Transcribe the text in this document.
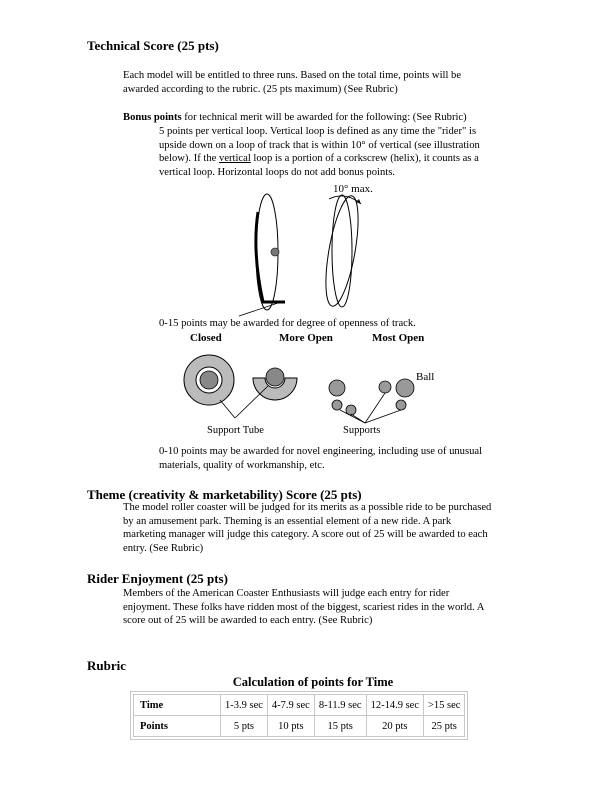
Technical Score (25 pts)
Each model will be entitled to three runs. Based on the total time, points will be
awarded according to the rubric. (25 pts maximum) (See Rubric)
Bonus points for technical merit will be awarded for the following: (See Rubric)
5 points per vertical loop. Vertical loop is defined as any time the "rider" is
upside down on a loop of track that is within 10° of vertical (see illustration
below). If the vertical loop is a portion of a corkscrew (helix), it counts as a
vertical loop. Horizontal loops do not add bonus points.
10° max.
0-15 points may be awarded for degree of openness of track.
Closed	More Open	Most Open
Ball
Support Tube	Supports
0-10 points may be awarded for novel engineering, including use of unusual
materials, quality of workmanship, etc.
Theme (creativity & marketability) Score (25 pts)
The model roller coaster will be judged for its merits as a possible ride to be purchased
by an amusement park. Theming is an essential element of a new ride. A park
marketing manager will judge this category. A score out of 25 will be awarded to each
entry. (See Rubric)
Rider Enjoyment (25 pts)
Members of the American Coaster Enthusiasts will judge each entry for rider
enjoyment. These folks have ridden most of the biggest, scariest rides in the world. A
score out of 25 will be awarded to each entry. (See Rubric)
Rubric
Calculation of points for Time
Time	1-3.9 sec	4-7.9 sec	8-11.9 sec	12-14.9 sec	>15 sec
Points	5 pts	10 pts	15 pts	20 pts	25 pts
